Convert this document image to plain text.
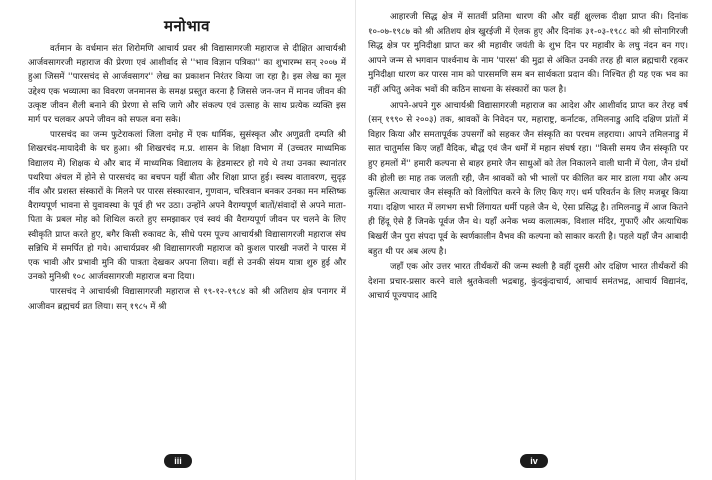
मनोभाव

वर्तमान के वर्धमान संत शिरोमणि आचार्य प्रवर श्री विद्यासागरजी महाराज से दीक्षित आचार्यश्री आर्जवसागरजी महाराज की प्रेरणा एवं आशीर्वाद से ''भाव विज्ञान पत्रिका'' का शुभारम्भ सन् २००७ में हुआ जिसमें ''पारसचंद से आर्जवसागर'' लेख का प्रकाशन निरंतर किया जा रहा है। इस लेख का मूल उद्देश्य एक भव्यात्मा का विवरण जनमानस के समक्ष प्रस्तुत करना है जिससे जन-जन में मानव जीवन की उत्कृष्ट जीवन शैली बनाने की प्रेरणा से सचि जागे और संकल्प एवं उत्साह के साथ प्रत्येक व्यक्ति इस मार्ग पर चलकर अपने जीवन को सफल बना सके।

पारसचंद का जन्म फुटेराकलां जिला दमोह में एक धार्मिक, सुसंस्कृत और अणुव्रती दम्पति श्री शिखरचंद-मायादेवी के घर हुआ। श्री शिखरचंद म.प्र. शासन के शिक्षा विभाग में (उच्चतर माध्यमिक विद्यालय में) शिक्षक थे और बाद में माध्यमिक विद्यालय के हेडमास्टर हो गये थे तथा उनका स्थानांतर पथरिया अंचल में होने से पारसचंद का बचपन यहीं बीता और शिक्षा प्राप्त हुई। स्वस्थ वातावरण, सुदृढ़ नींव और प्रशस्त संस्कारों के मिलने पर पारस संस्कारवान, गुणवान, चरित्रवान बनकर उनका मन मस्तिष्क वैराग्यपूर्ण भावना से युवावस्था के पूर्व ही भर उठा। उन्होंने अपने वैराग्यपूर्ण बातों/संवादों से अपने माता-पिता के प्रबल मोह को शिथिल करते हुए समझाकर एवं स्वयं की वैराग्यपूर्ण जीवन पर चलने के लिए स्वीकृति प्राप्त करते हुए, बगैर किसी रुकावट के, सीधे परम पूज्य आचार्यश्री विद्यासागरजी महाराज संघ सन्निधि में समर्पित हो गये। आचार्यप्रवर श्री विद्यासागरजी महाराज को कुशल पारखी नजरों ने पारस में एक भावी और प्रभावी मुनि की पात्रता देखकर अपना लिया। वहीं से उनकी संयम यात्रा शुरु हुई और उनको मुनिश्री १०८ आर्जवसागरजी महाराज बना दिया।

पारसचंद ने आचार्यश्री विद्यासागरजी महाराज से १९-१२-१९८४ को श्री अतिशय क्षेत्र पनागर में आजीवन ब्रह्मचर्य व्रत लिया। सन् १९८५ में श्री

iii

आहारजी सिद्ध क्षेत्र में सातवीं प्रतिमा धारण की और वहीं क्षुल्लक दीक्षा प्राप्त की। दिनांक १०-०७-१९८७ को श्री अतिशय क्षेत्र खुरईजी में ऐलक हुए और दिनांक ३१-०३-१९८८ को श्री सोनागिरजी सिद्ध क्षेत्र पर मुनिदीक्षा प्राप्त कर श्री महावीर जयंती के शुभ दिन पर महावीर के लघु नंदन बन गए। आपने जन्म से भगवान पार्श्वनाथ के नाम 'पारस' की मुद्रा से अंकित उनकी तरह ही बाल ब्रह्मचारी रहकर मुनिदीक्षा धारण कर पारस नाम को पारसमणि सम बन सार्थकता प्रदान की। निश्चित ही यह एक भव का नहीं अपितु अनेक भवों की कठिन साधना के संस्कारों का फल है।

आपने-अपने गुरु आचार्यश्री विद्यासागरजी महाराज का आदेश और आशीर्वाद प्राप्त कर तेरह वर्ष (सन् १९९० से २००३) तक, श्रावकों के निवेदन पर, महाराष्ट्र, कर्नाटक, तमिलनाडु आदि दक्षिण प्रांतों में विहार किया और समतापूर्वक उपसर्गों को सहकर जैन संस्कृति का परचम लहराया। आपने तमिलनाडु में सात चातुर्मास किए जहाँ वैदिक, बौद्ध एवं जैन धर्मों में महान संघर्ष रहा। ''किसी समय जैन संस्कृति पर हुए हमलों में'' हमारी कल्पना से बाहर हमारे जैन साधुओं को तेल निकालने वाली घानी में पेला, जैन ग्रंथों की होली छः माह तक जलती रही, जैन श्रावकों को भी भालों पर कीलित कर मार डाला गया और अन्य कुत्सित अत्याचार जैन संस्कृति को विलोपित करने के लिए किए गए। धर्म परिवर्तन के लिए मजबूर किया गया। दक्षिण भारत में लगभग सभी लिंगायत धर्मी पहले जैन थे, ऐसा प्रसिद्ध है। तमिलनाडु में आज कितने ही हिंदू ऐसे हैं जिनके पूर्वज जैन थे। यहाँ अनेक भव्य कलात्मक, विशाल मंदिर, गुफाएँ और अत्याधिक बिखरीं जैन पुरा संपदा पूर्व के स्वर्णकालीन वैभव की कल्पना को साकार करती है। पहले यहाँ जैन आबादी बहुत थी पर अब अल्प है।

जहाँ एक ओर उत्तर भारत तीर्थंकरों की जन्म स्थली है वहीं दूसरी ओर दक्षिण भारत तीर्थंकरों की देशना प्रचार-प्रसार करने वाले श्रुतकेवली भद्रबाहु, कुंदकुंदाचार्य, आचार्य समंतभद्र, आचार्य विद्यानंद, आचार्य पूज्यपाद आदि

iv
